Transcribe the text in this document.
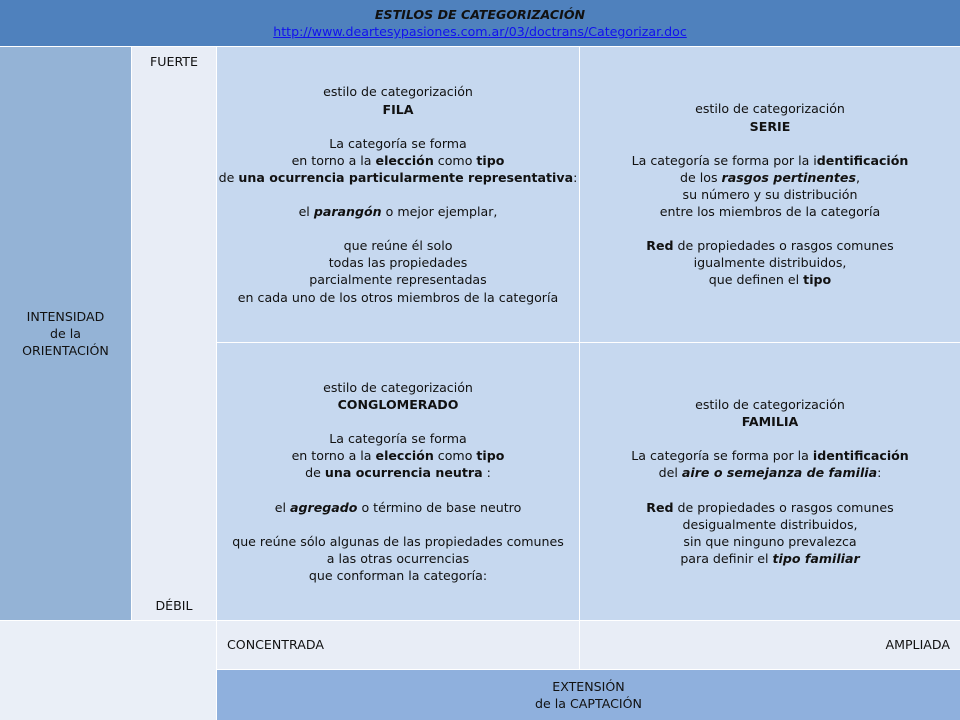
ESTILOS DE CATEGORIZACIÓN
http://www.deartesypasiones.com.ar/03/doctrans/Categorizar.doc
INTENSIDAD
de la
ORIENTACIÓN
FUERTE
DÉBIL
estilo de categorización
FILA
La categoría se forma
en torno a la elección como tipo
de una ocurrencia particularmente representativa:
el parangón o mejor ejemplar,
que reúne él solo
todas las propiedades
parcialmente representadas
en cada uno de los otros miembros de la categoría
estilo de categorización
SERIE
La categoría se forma por la identificación
de los rasgos pertinentes,
su número y su distribución
entre los miembros de la categoría
Red de propiedades o rasgos comunes
igualmente distribuidos,
que definen el tipo
estilo de categorización
CONGLOMERADO
La categoría se forma
en torno a la elección como tipo
de una ocurrencia neutra :
el agregado o término de base neutro
que reúne sólo algunas de las propiedades comunes
a las otras ocurrencias
que conforman la categoría:
estilo de categorización
FAMILIA
La categoría se forma por la identificación
del aire o semejanza de familia:
Red de propiedades o rasgos comunes
desigualmente distribuidos,
sin que ninguno prevalezca
para definir el tipo familiar
CONCENTRADA	AMPLIADA
EXTENSIÓN
de la CAPTACIÓN
